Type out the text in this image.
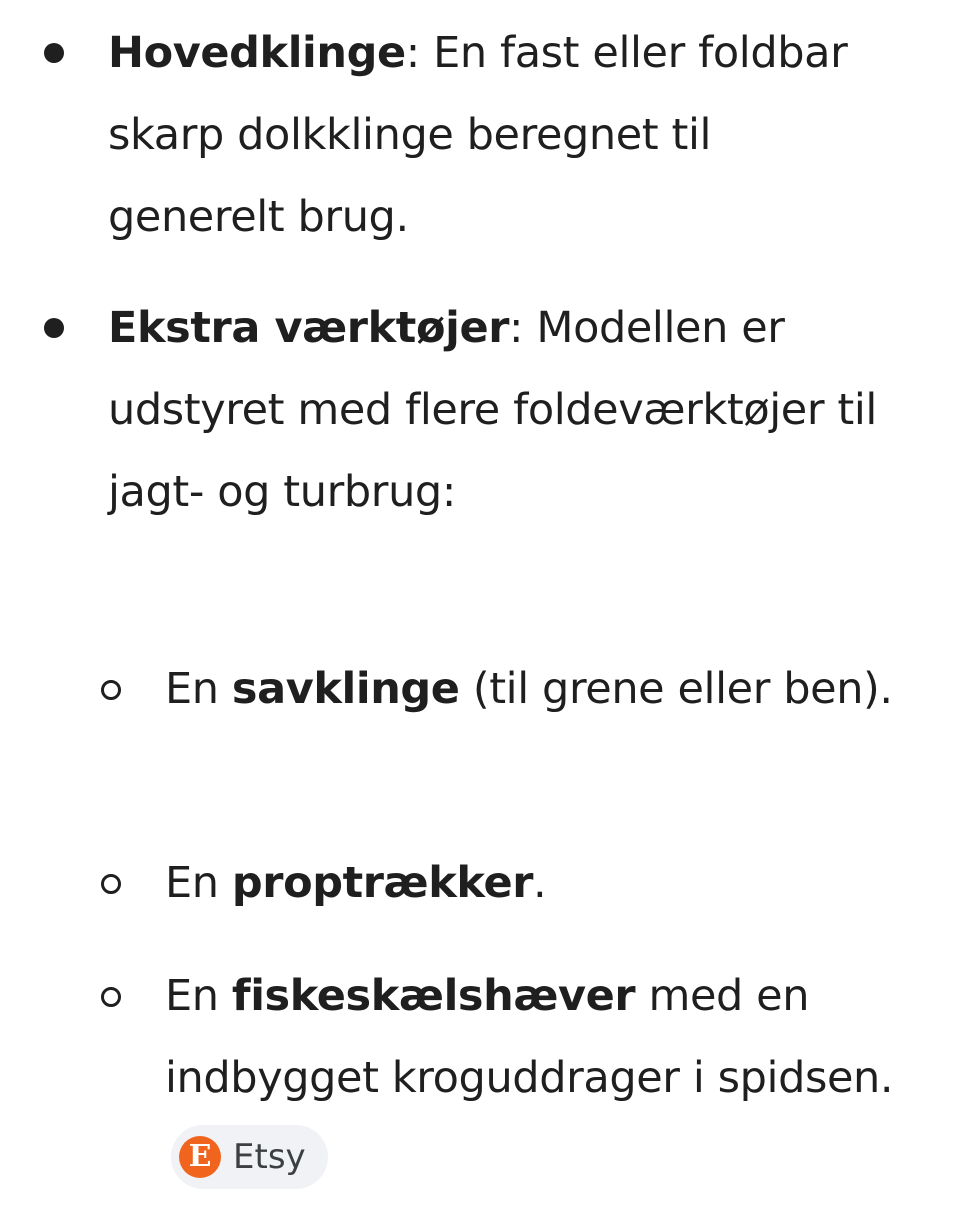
Hovedklinge: En fast eller foldbar skarp dolkklinge beregnet til generelt brug.
Ekstra værktøjer: Modellen er udstyret med flere foldeværktøjer til jagt- og turbrug:
En savklinge (til grene eller ben).
En proptrækker.
En fiskeskælshæver med en indbygget kroguddrager i spidsen.
E Etsy
